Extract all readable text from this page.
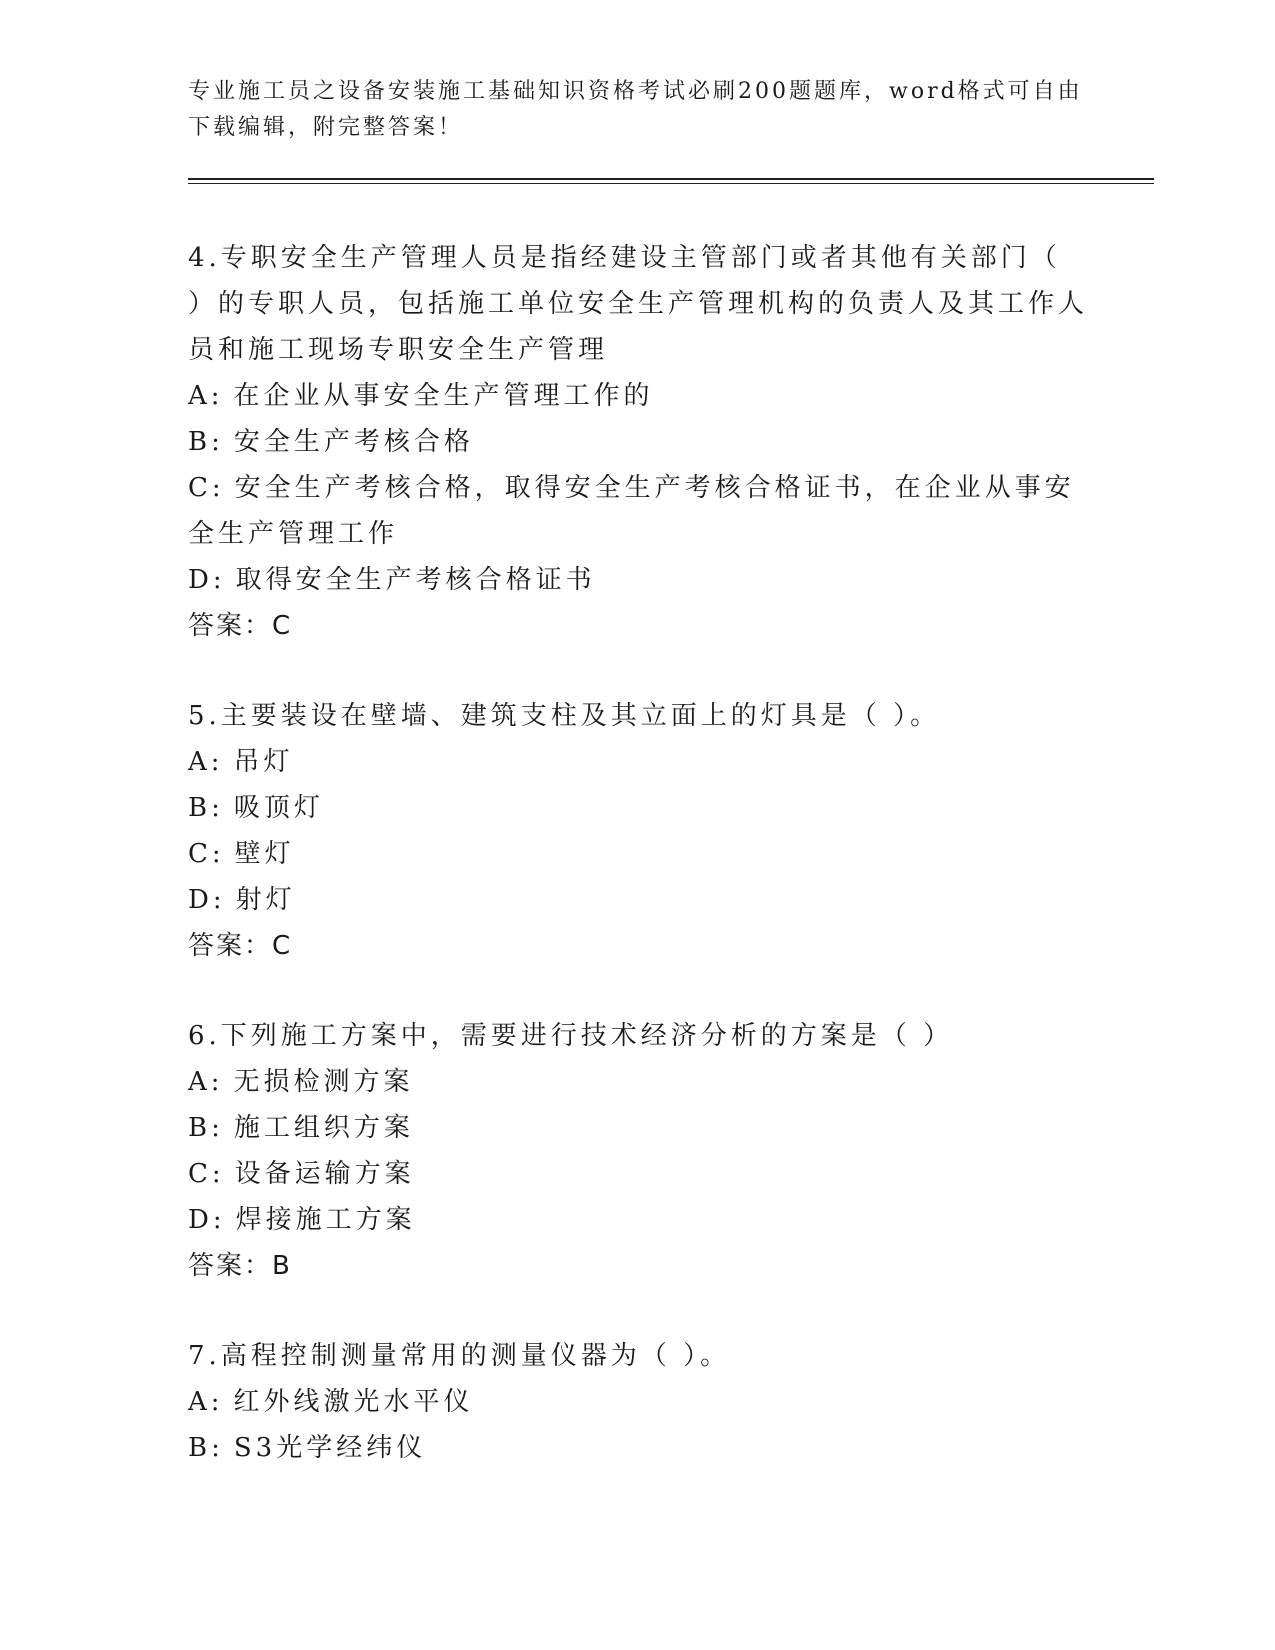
专业施工员之设备安装施工基础知识资格考试必刷200题题库，word格式可自由下载编辑，附完整答案！
4.专职安全生产管理人员是指经建设主管部门或者其他有关部门（ ）的专职人员，包括施工单位安全生产管理机构的负责人及其工作人员和施工现场专职安全生产管理
A: 在企业从事安全生产管理工作的
B: 安全生产考核合格
C: 安全生产考核合格，取得安全生产考核合格证书，在企业从事安全生产管理工作
D: 取得安全生产考核合格证书
答案：C
5.主要装设在壁墙、建筑支柱及其立面上的灯具是（ ）。
A: 吊灯
B: 吸顶灯
C: 壁灯
D: 射灯
答案：C
6.下列施工方案中，需要进行技术经济分析的方案是（ ）
A: 无损检测方案
B: 施工组织方案
C: 设备运输方案
D: 焊接施工方案
答案：B
7.高程控制测量常用的测量仪器为（ ）。
A: 红外线激光水平仪
B: S3光学经纬仪
